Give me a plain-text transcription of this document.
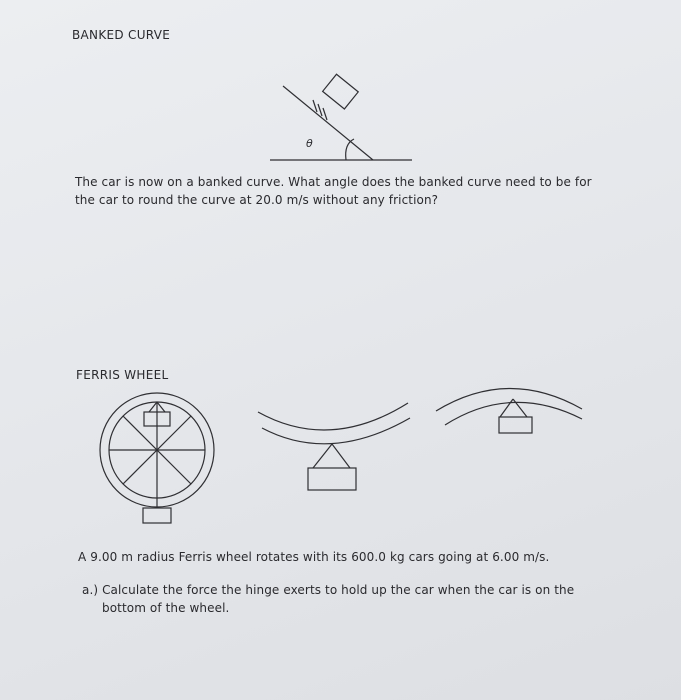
BANKED CURVE
θ
The car is now on a banked curve. What angle does the banked curve need to be for
the car to round the curve at 20.0 m/s without any friction?
FERRIS WHEEL
A 9.00 m radius Ferris wheel rotates with its 600.0 kg cars going at 6.00 m/s.
a.) Calculate the force the hinge exerts to hold up the car when the car is on the
bottom of the wheel.
